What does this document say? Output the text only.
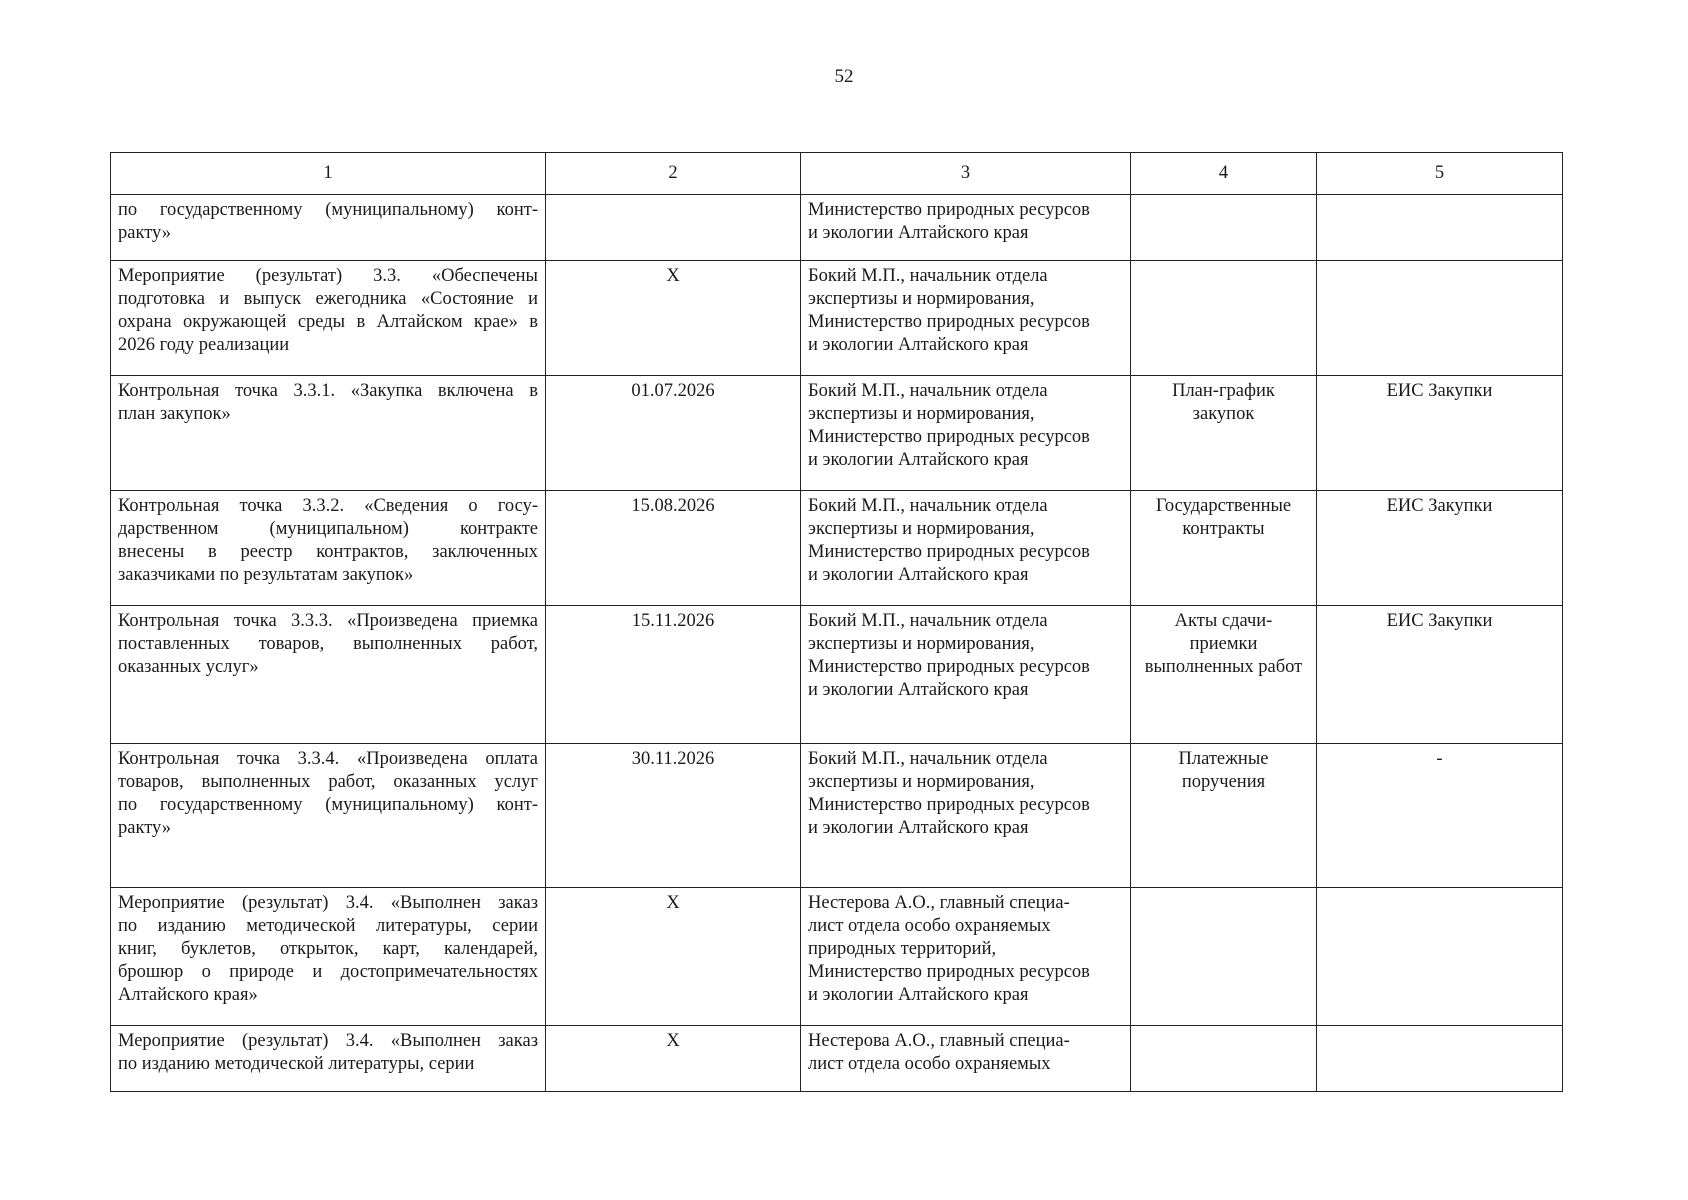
52
1	2	3	4	5

по государственному (муниципальному) конт-
ракту»		Министерство природных ресурсов
и экологии Алтайского края		

Мероприятие (результат) 3.3. «Обеспечены
подготовка и выпуск ежегодника «Состояние и
охрана окружающей среды в Алтайском крае» в
2026 году реализации	Х	Бокий М.П., начальник отдела
экспертизы и нормирования,
Министерство природных ресурсов
и экологии Алтайского края		

Контрольная точка 3.3.1. «Закупка включена в
план закупок»	01.07.2026	Бокий М.П., начальник отдела
экспертизы и нормирования,
Министерство природных ресурсов
и экологии Алтайского края	План-график
закупок	ЕИС Закупки

Контрольная точка 3.3.2. «Сведения о госу-
дарственном (муниципальном) контракте
внесены в реестр контрактов, заключенных
заказчиками по результатам закупок»	15.08.2026	Бокий М.П., начальник отдела
экспертизы и нормирования,
Министерство природных ресурсов
и экологии Алтайского края	Государственные
контракты	ЕИС Закупки

Контрольная точка 3.3.3. «Произведена приемка
поставленных товаров, выполненных работ,
оказанных услуг»	15.11.2026	Бокий М.П., начальник отдела
экспертизы и нормирования,
Министерство природных ресурсов
и экологии Алтайского края	Акты сдачи-
приемки
выполненных работ	ЕИС Закупки

Контрольная точка 3.3.4. «Произведена оплата
товаров, выполненных работ, оказанных услуг
по государственному (муниципальному) конт-
ракту»	30.11.2026	Бокий М.П., начальник отдела
экспертизы и нормирования,
Министерство природных ресурсов
и экологии Алтайского края	Платежные
поручения	-

Мероприятие (результат) 3.4. «Выполнен заказ
по изданию методической литературы, серии
книг, буклетов, открыток, карт, календарей,
брошюр о природе и достопримечательностях
Алтайского края»	Х	Нестерова А.О., главный специа-
лист отдела особо охраняемых
природных территорий,
Министерство природных ресурсов
и экологии Алтайского края		

Мероприятие (результат) 3.4. «Выполнен заказ
по изданию методической литературы, серии	Х	Нестерова А.О., главный специа-
лист отдела особо охраняемых		
